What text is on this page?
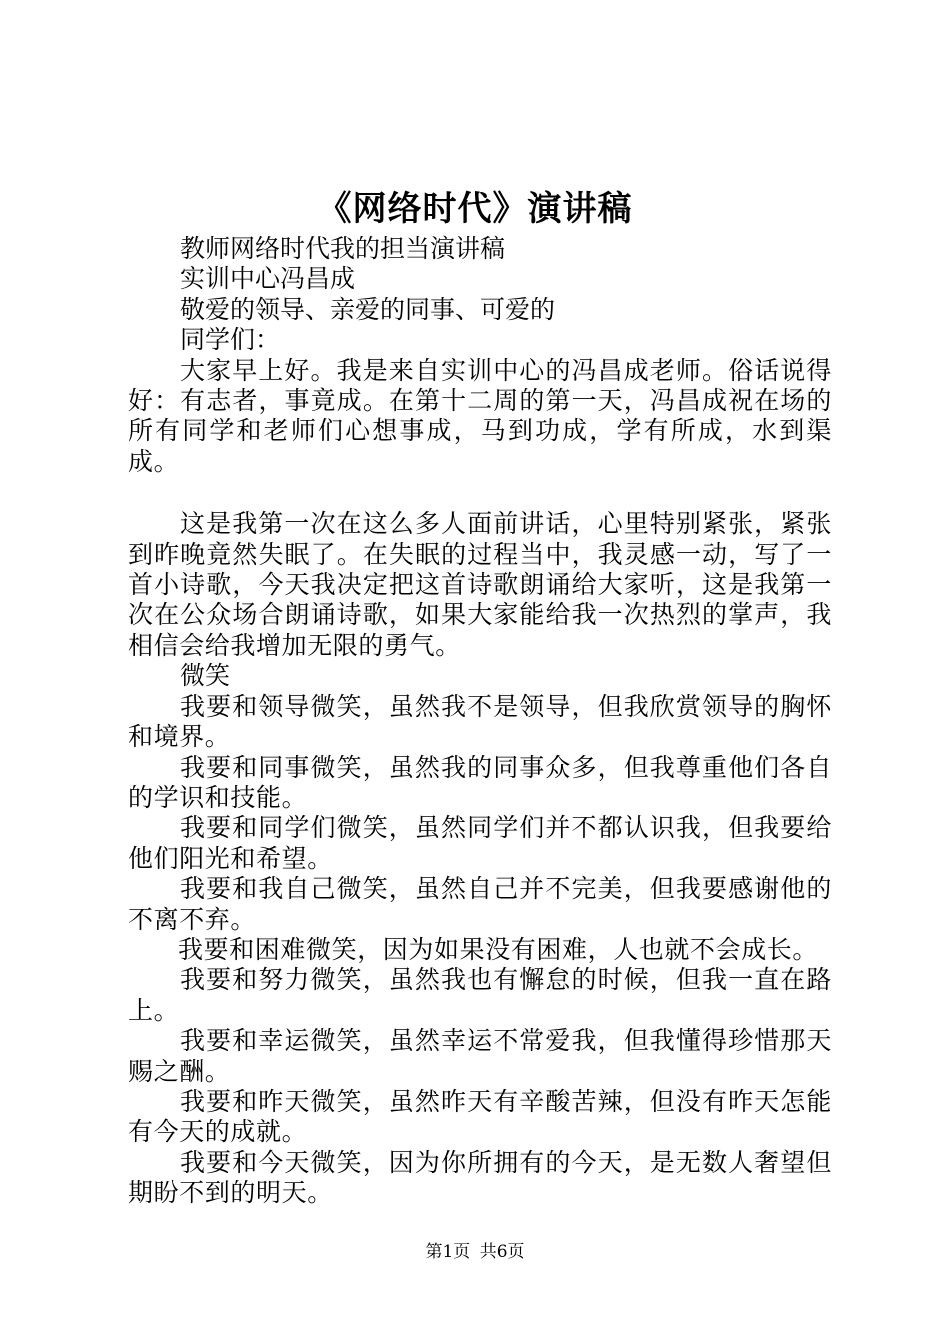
《网络时代》演讲稿
教师网络时代我的担当演讲稿
实训中心冯昌成
敬爱的领导、亲爱的同事、可爱的
同学们：
大家早上好。我是来自实训中心的冯昌成老师。俗话说得好：有志者，事竟成。在第十二周的第一天，冯昌成祝在场的所有同学和老师们心想事成，马到功成，学有所成，水到渠成。
这是我第一次在这么多人面前讲话，心里特别紧张，紧张到昨晚竟然失眠了。在失眠的过程当中，我灵感一动，写了一首小诗歌，今天我决定把这首诗歌朗诵给大家听，这是我第一次在公众场合朗诵诗歌，如果大家能给我一次热烈的掌声，我相信会给我增加无限的勇气。
微笑
我要和领导微笑，虽然我不是领导，但我欣赏领导的胸怀和境界。
我要和同事微笑，虽然我的同事众多，但我尊重他们各自的学识和技能。
我要和同学们微笑，虽然同学们并不都认识我，但我要给他们阳光和希望。
我要和我自己微笑，虽然自己并不完美，但我要感谢他的不离不弃。
我要和困难微笑，因为如果没有困难，人也就不会成长。
我要和努力微笑，虽然我也有懈怠的时候，但我一直在路上。
我要和幸运微笑，虽然幸运不常爱我，但我懂得珍惜那天赐之酬。
我要和昨天微笑，虽然昨天有辛酸苦辣，但没有昨天怎能有今天的成就。
我要和今天微笑，因为你所拥有的今天，是无数人奢望但期盼不到的明天。
第1页 共6页
